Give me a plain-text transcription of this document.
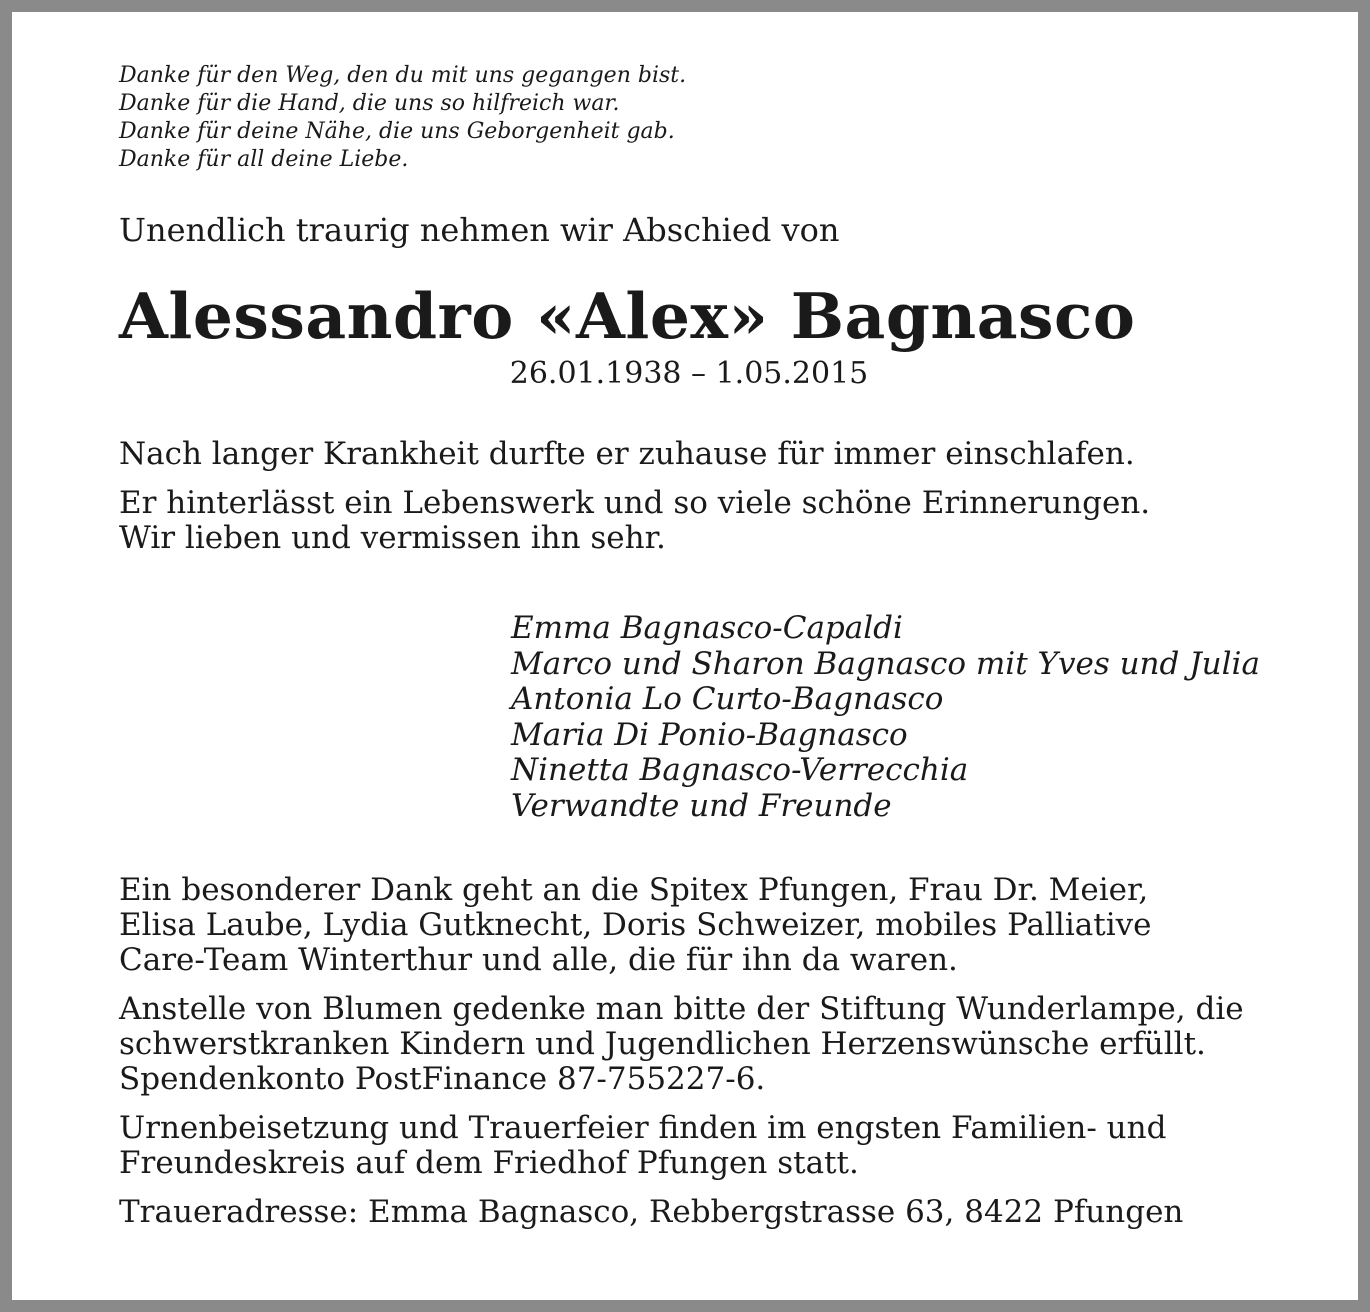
Danke für den Weg, den du mit uns gegangen bist.
Danke für die Hand, die uns so hilfreich war.
Danke für deine Nähe, die uns Geborgenheit gab.
Danke für all deine Liebe.
Unendlich traurig nehmen wir Abschied von
Alessandro «Alex» Bagnasco
26.01.1938 – 1.05.2015
Nach langer Krankheit durfte er zuhause für immer einschlafen.
Er hinterlässt ein Lebenswerk und so viele schöne Erinnerungen.
Wir lieben und vermissen ihn sehr.
Emma Bagnasco-Capaldi
Marco und Sharon Bagnasco mit Yves und Julia
Antonia Lo Curto-Bagnasco
Maria Di Ponio-Bagnasco
Ninetta Bagnasco-Verrecchia
Verwandte und Freunde
Ein besonderer Dank geht an die Spitex Pfungen, Frau Dr. Meier,
Elisa Laube, Lydia Gutknecht, Doris Schweizer, mobiles Palliative
Care-Team Winterthur und alle, die für ihn da waren.
Anstelle von Blumen gedenke man bitte der Stiftung Wunderlampe, die
schwerstkranken Kindern und Jugendlichen Herzenswünsche erfüllt.
Spendenkonto PostFinance 87-755227-6.
Urnenbeisetzung und Trauerfeier finden im engsten Familien- und
Freundeskreis auf dem Friedhof Pfungen statt.
Traueradresse: Emma Bagnasco, Rebbergstrasse 63, 8422 Pfungen
